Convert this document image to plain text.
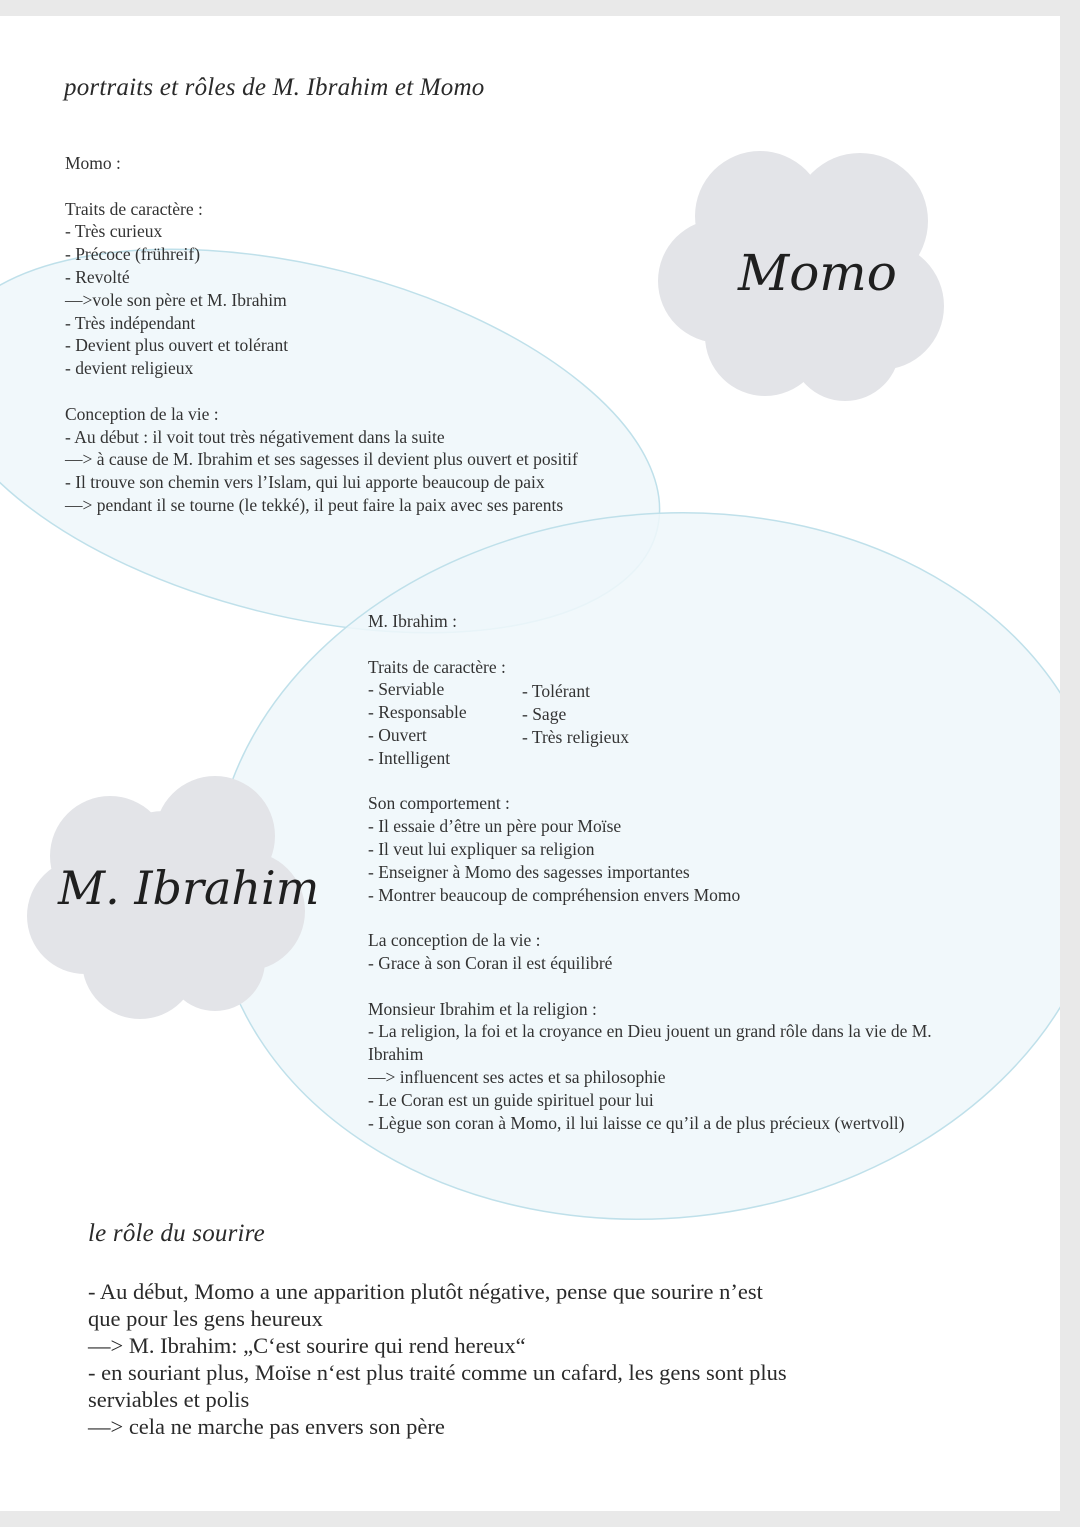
portraits et rôles de M. Ibrahim et Momo
Momo
M. Ibrahim
Momo :
Traits de caractère :
- Très curieux
- Précoce (frühreif)
- Revolté
—>vole son père et M. Ibrahim
- Très indépendant
- Devient plus ouvert et tolérant
- devient religieux
Conception de la vie :
- Au début : il voit tout très négativement dans la suite
—> à cause de M. Ibrahim et ses sagesses il devient plus ouvert et positif
- Il trouve son chemin vers l’Islam, qui lui apporte beaucoup de paix
—> pendant il se tourne (le tekké), il peut faire la paix avec ses parents
M. Ibrahim :
Traits de caractère :
- Serviable
- Responsable
- Ouvert
- Intelligent
- Tolérant
- Sage
- Très religieux
Son comportement :
- Il essaie d’être un père pour Moïse
- Il veut lui expliquer sa religion
- Enseigner à Momo des sagesses importantes
- Montrer beaucoup de compréhension envers Momo
La conception de la vie :
- Grace à son Coran il est équilibré
Monsieur Ibrahim et la religion :
- La religion, la foi et la croyance en Dieu jouent un grand rôle dans la vie de M.
Ibrahim
—> influencent ses actes et sa philosophie
- Le Coran est un guide spirituel pour lui
- Lègue son coran à Momo, il lui laisse ce qu’il a de plus précieux (wertvoll)
le rôle du sourire
- Au début, Momo a une apparition plutôt négative, pense que sourire n’est
que pour les gens heureux
—> M. Ibrahim: „C‘est sourire qui rend hereux“
- en souriant plus, Moïse n‘est plus traité comme un cafard, les gens sont plus
serviables et polis
—> cela ne marche pas envers son père
